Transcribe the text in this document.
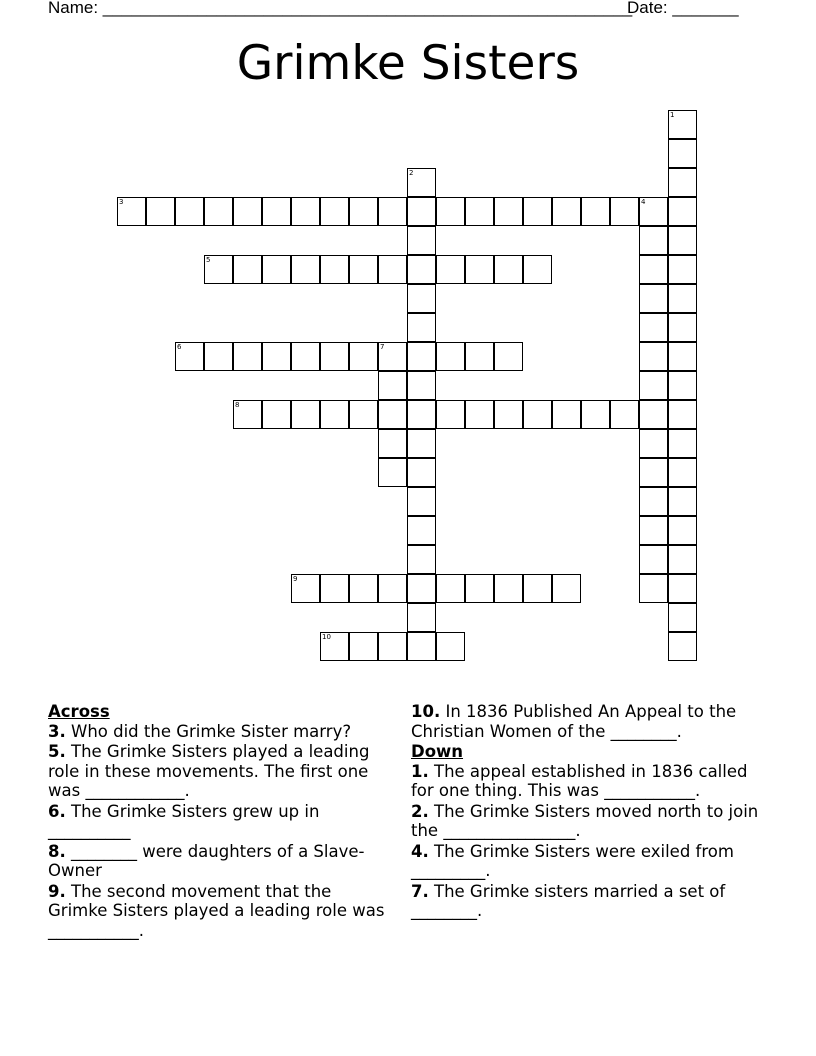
Name: ________________________________________________________
Date: _______
Grimke Sisters
3	4
5
6	7
8
9
10
1
2
Across
3. Who did the Grimke Sister marry?
5. The Grimke Sisters played a leading role in these movements. The first one was ____________.
6. The Grimke Sisters grew up in __________
8. ________ were daughters of a Slave-Owner
9. The second movement that the Grimke Sisters played a leading role was ___________.
10. In 1836 Published An Appeal to the Christian Women of the ________.
Down
1. The appeal established in 1836 called for one thing. This was ___________.
2. The Grimke Sisters moved north to join the ________________.
4. The Grimke Sisters were exiled from _________.
7. The Grimke sisters married a set of ________.
